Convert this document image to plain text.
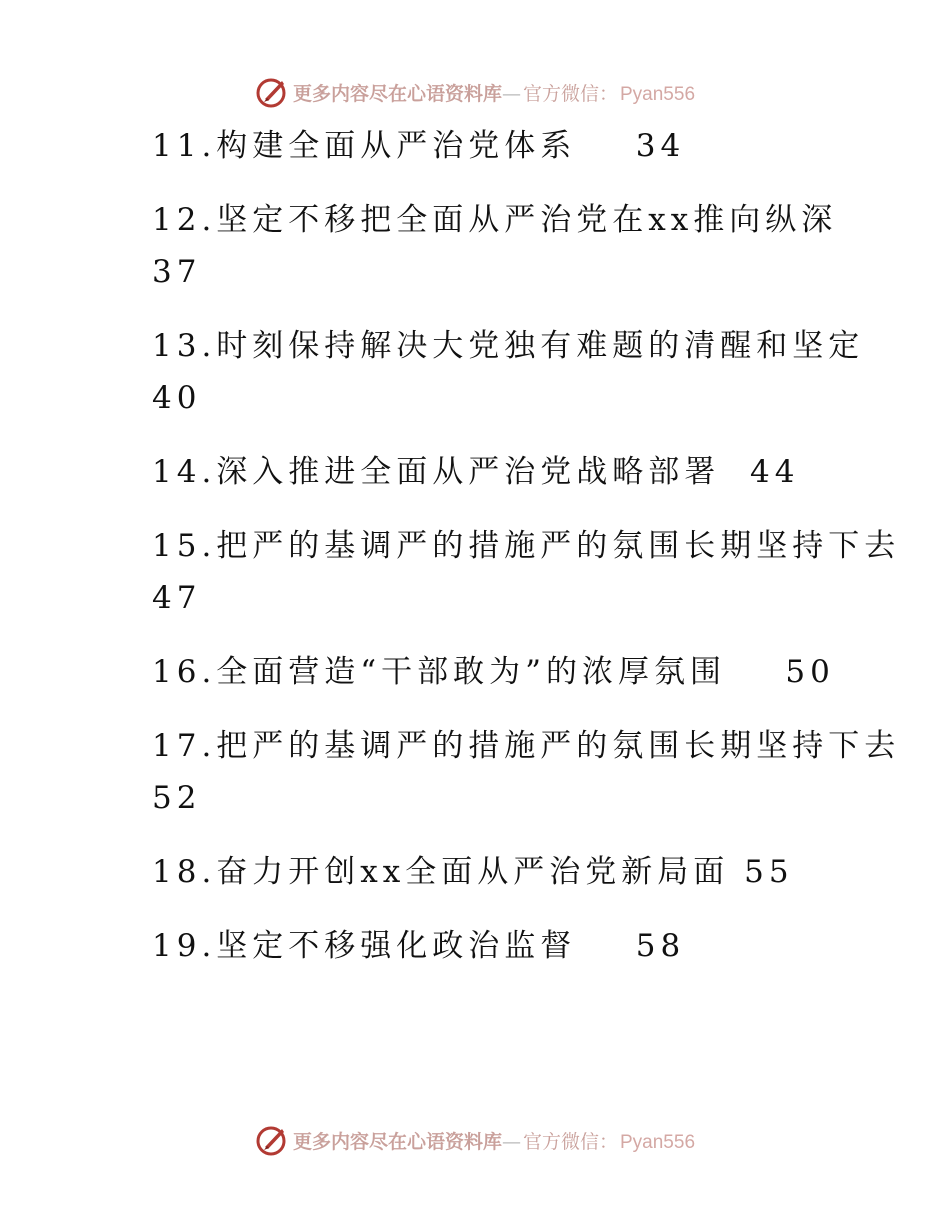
更多内容尽在心语资料库— 官方微信： Pyan556
11.构建全面从严治党体系    34
12.坚定不移把全面从严治党在xx推向纵深
37
13.时刻保持解决大党独有难题的清醒和坚定
40
14.深入推进全面从严治党战略部署  44
15.把严的基调严的措施严的氛围长期坚持下去
47
16.全面营造“干部敢为”的浓厚氛围    50
17.把严的基调严的措施严的氛围长期坚持下去
52
18.奋力开创xx全面从严治党新局面 55
19.坚定不移强化政治监督    58
更多内容尽在心语资料库— 官方微信： Pyan556
